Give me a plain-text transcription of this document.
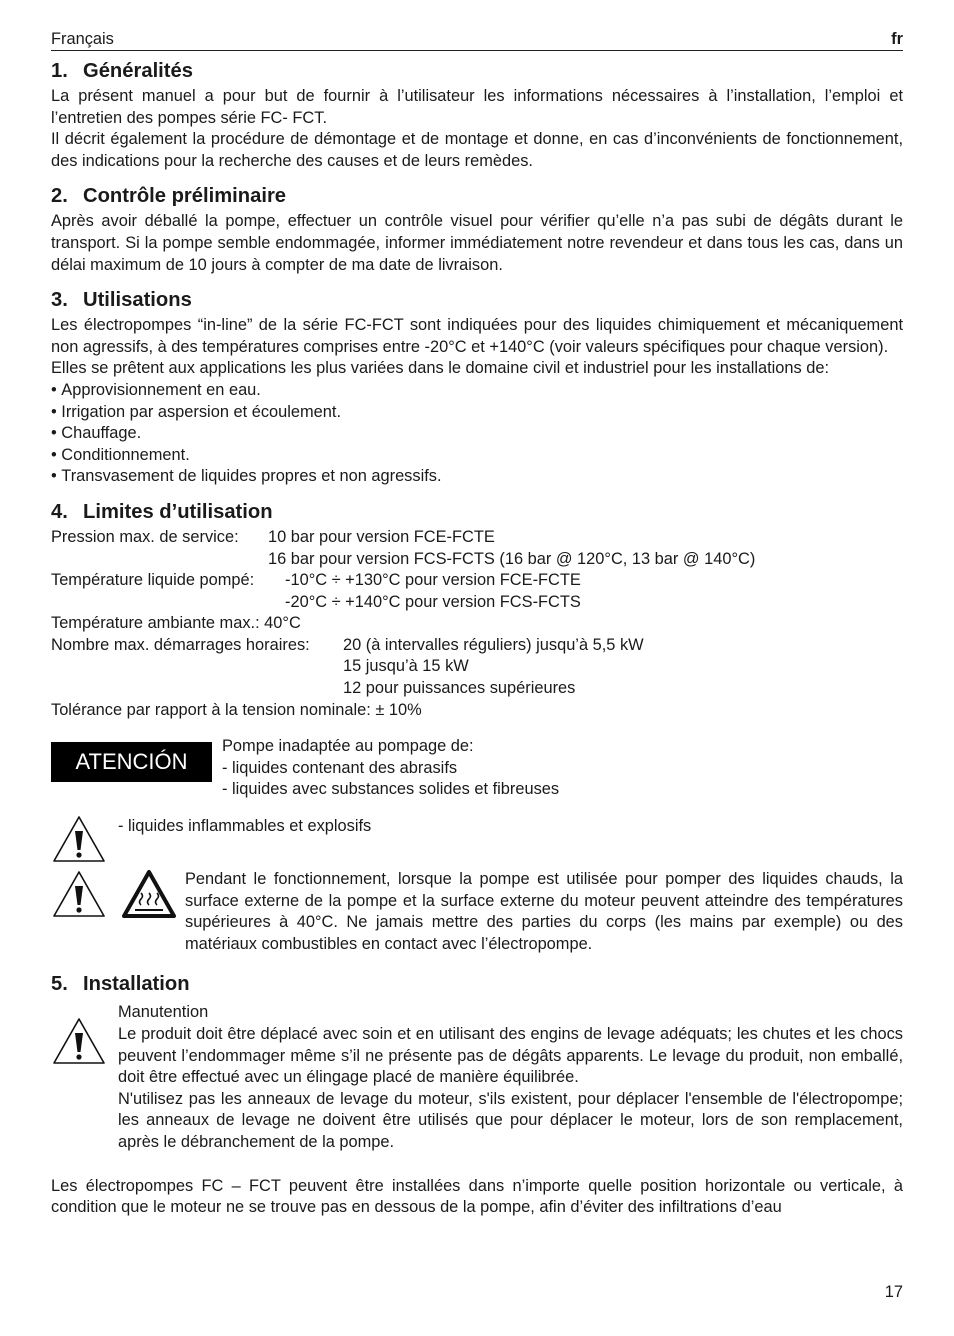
Français	fr
1. Généralités

La présent manuel a pour but de fournir à l’utilisateur les informations nécessaires à l’installation, l’emploi et l’entretien des pompes série FC- FCT.

Il décrit également la procédure de démontage et de montage et donne, en cas d’inconvénients de fonctionnement, des indications pour la recherche des causes et de leurs remèdes.

2. Contrôle préliminaire

Après avoir déballé la pompe, effectuer un contrôle visuel pour vérifier qu’elle n’a pas subi de dégâts durant le transport. Si la pompe semble endommagée, informer immédiatement notre revendeur et dans tous les cas, dans un délai maximum de 10 jours à compter de ma date de livraison.

3. Utilisations

Les électropompes “in-line” de la série FC-FCT sont indiquées pour des liquides chimiquement et mécaniquement non agressifs, à des températures comprises entre -20°C et +140°C (voir valeurs spécifiques pour chaque version).

Elles se prêtent aux applications les plus variées dans le domaine civil et industriel pour les installations de:

• Approvisionnement en eau.
• Irrigation par aspersion et écoulement.
• Chauffage.
• Conditionnement.
• Transvasement de liquides propres et non agressifs.
4. Limites d’utilisation
Pression max. de service: 10 bar pour version FCE-FCTE
16 bar pour version FCS-FCTS (16 bar @ 120°C, 13 bar @ 140°C)
Température liquide pompé: -10°C ÷ +130°C pour version FCE-FCTE
-20°C ÷ +140°C pour version FCS-FCTS
Température ambiante max.: 40°C
Nombre max. démarrages horaires: 20 (à intervalles réguliers) jusqu’à 5,5 kW
15 jusqu’à 15 kW
12 pour puissances supérieures
Tolérance par rapport à la tension nominale: ± 10%
ATENCIÓN
Pompe inadaptée au pompage de:
- liquides contenant des abrasifs
- liquides avec substances solides et fibreuses
- liquides inflammables et explosifs

Pendant le fonctionnement, lorsque la pompe est utilisée pour pomper des liquides chauds, la surface externe de la pompe et la surface externe du moteur peuvent atteindre des températures supérieures à 40°C. Ne jamais mettre des parties du corps (les mains par exemple) ou des matériaux combustibles en contact avec l’électropompe.

5. Installation
Manutention

Le produit doit être déplacé avec soin et en utilisant des engins de levage adéquats; les chutes et les chocs peuvent l’endommager même s’il ne présente pas de dégâts apparents. Le levage du produit, non emballé, doit être effectué avec un élingage placé de manière équilibrée.

N'utilisez pas les anneaux de levage du moteur, s'ils existent, pour déplacer l'ensemble de l'électropompe; les anneaux de levage ne doivent être utilisés que pour déplacer le moteur, lors de son remplacement, après le débranchement de la pompe.

Les électropompes FC – FCT peuvent être installées dans n’importe quelle position horizontale ou verticale, à condition que le moteur ne se trouve pas en dessous de la pompe, afin d’éviter des infiltrations d’eau

17
